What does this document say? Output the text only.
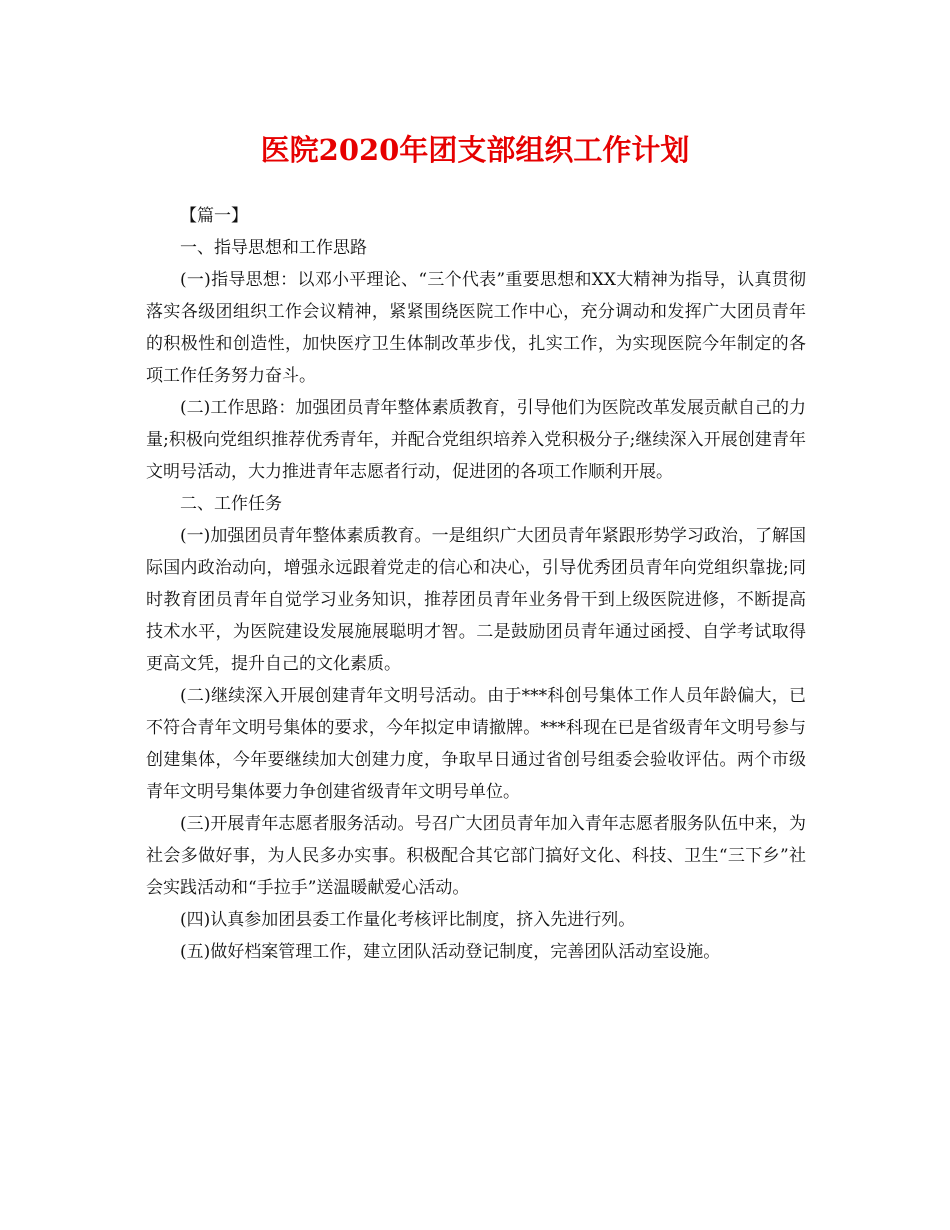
医院2020年团支部组织工作计划

【篇一】

一、指导思想和工作思路

(一)指导思想：以邓小平理论、“三个代表”重要思想和XX大精神为指导，认真贯彻落实各级团组织工作会议精神，紧紧围绕医院工作中心，充分调动和发挥广大团员青年的积极性和创造性，加快医疗卫生体制改革步伐，扎实工作，为实现医院今年制定的各项工作任务努力奋斗。

(二)工作思路：加强团员青年整体素质教育，引导他们为医院改革发展贡献自己的力量;积极向党组织推荐优秀青年，并配合党组织培养入党积极分子;继续深入开展创建青年文明号活动，大力推进青年志愿者行动，促进团的各项工作顺利开展。

二、工作任务

(一)加强团员青年整体素质教育。一是组织广大团员青年紧跟形势学习政治，了解国际国内政治动向，增强永远跟着党走的信心和决心，引导优秀团员青年向党组织靠拢;同时教育团员青年自觉学习业务知识，推荐团员青年业务骨干到上级医院进修，不断提高技术水平，为医院建设发展施展聪明才智。二是鼓励团员青年通过函授、自学考试取得更高文凭，提升自己的文化素质。

(二)继续深入开展创建青年文明号活动。由于***科创号集体工作人员年龄偏大，已不符合青年文明号集体的要求，今年拟定申请撤牌。***科现在已是省级青年文明号参与创建集体，今年要继续加大创建力度，争取早日通过省创号组委会验收评估。两个市级青年文明号集体要力争创建省级青年文明号单位。

(三)开展青年志愿者服务活动。号召广大团员青年加入青年志愿者服务队伍中来，为社会多做好事，为人民多办实事。积极配合其它部门搞好文化、科技、卫生“三下乡”社会实践活动和“手拉手”送温暖献爱心活动。

(四)认真参加团县委工作量化考核评比制度，挤入先进行列。

(五)做好档案管理工作，建立团队活动登记制度，完善团队活动室设施。
